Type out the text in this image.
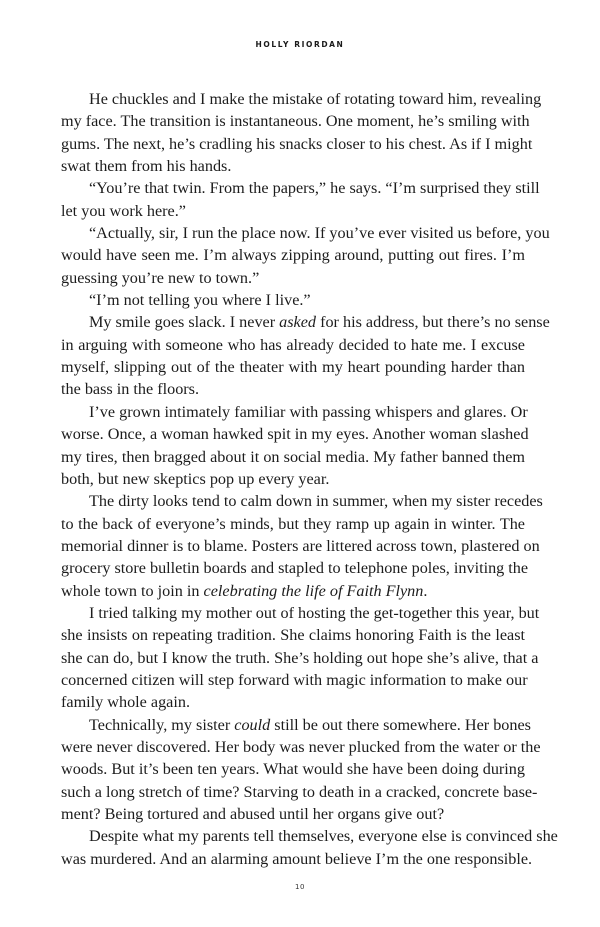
HOLLY RIORDAN
He chuckles and I make the mistake of rotating toward him, revealing
my face. The transition is instantaneous. One moment, he’s smiling with
gums. The next, he’s cradling his snacks closer to his chest. As if I might
swat them from his hands.
“You’re that twin. From the papers,” he says. “I’m surprised they still
let you work here.”
“Actually, sir, I run the place now. If you’ve ever visited us before, you
would have seen me. I’m always zipping around, putting out fires. I’m
guessing you’re new to town.”
“I’m not telling you where I live.”
My smile goes slack. I never asked for his address, but there’s no sense
in arguing with someone who has already decided to hate me. I excuse
myself, slipping out of the theater with my heart pounding harder than
the bass in the floors.
I’ve grown intimately familiar with passing whispers and glares. Or
worse. Once, a woman hawked spit in my eyes. Another woman slashed
my tires, then bragged about it on social media. My father banned them
both, but new skeptics pop up every year.
The dirty looks tend to calm down in summer, when my sister recedes
to the back of everyone’s minds, but they ramp up again in winter. The
memorial dinner is to blame. Posters are littered across town, plastered on
grocery store bulletin boards and stapled to telephone poles, inviting the
whole town to join in celebrating the life of Faith Flynn.
I tried talking my mother out of hosting the get-together this year, but
she insists on repeating tradition. She claims honoring Faith is the least
she can do, but I know the truth. She’s holding out hope she’s alive, that a
concerned citizen will step forward with magic information to make our
family whole again.
Technically, my sister could still be out there somewhere. Her bones
were never discovered. Her body was never plucked from the water or the
woods. But it’s been ten years. What would she have been doing during
such a long stretch of time? Starving to death in a cracked, concrete base-
ment? Being tortured and abused until her organs give out?
Despite what my parents tell themselves, everyone else is convinced she
was murdered. And an alarming amount believe I’m the one responsible.
10
